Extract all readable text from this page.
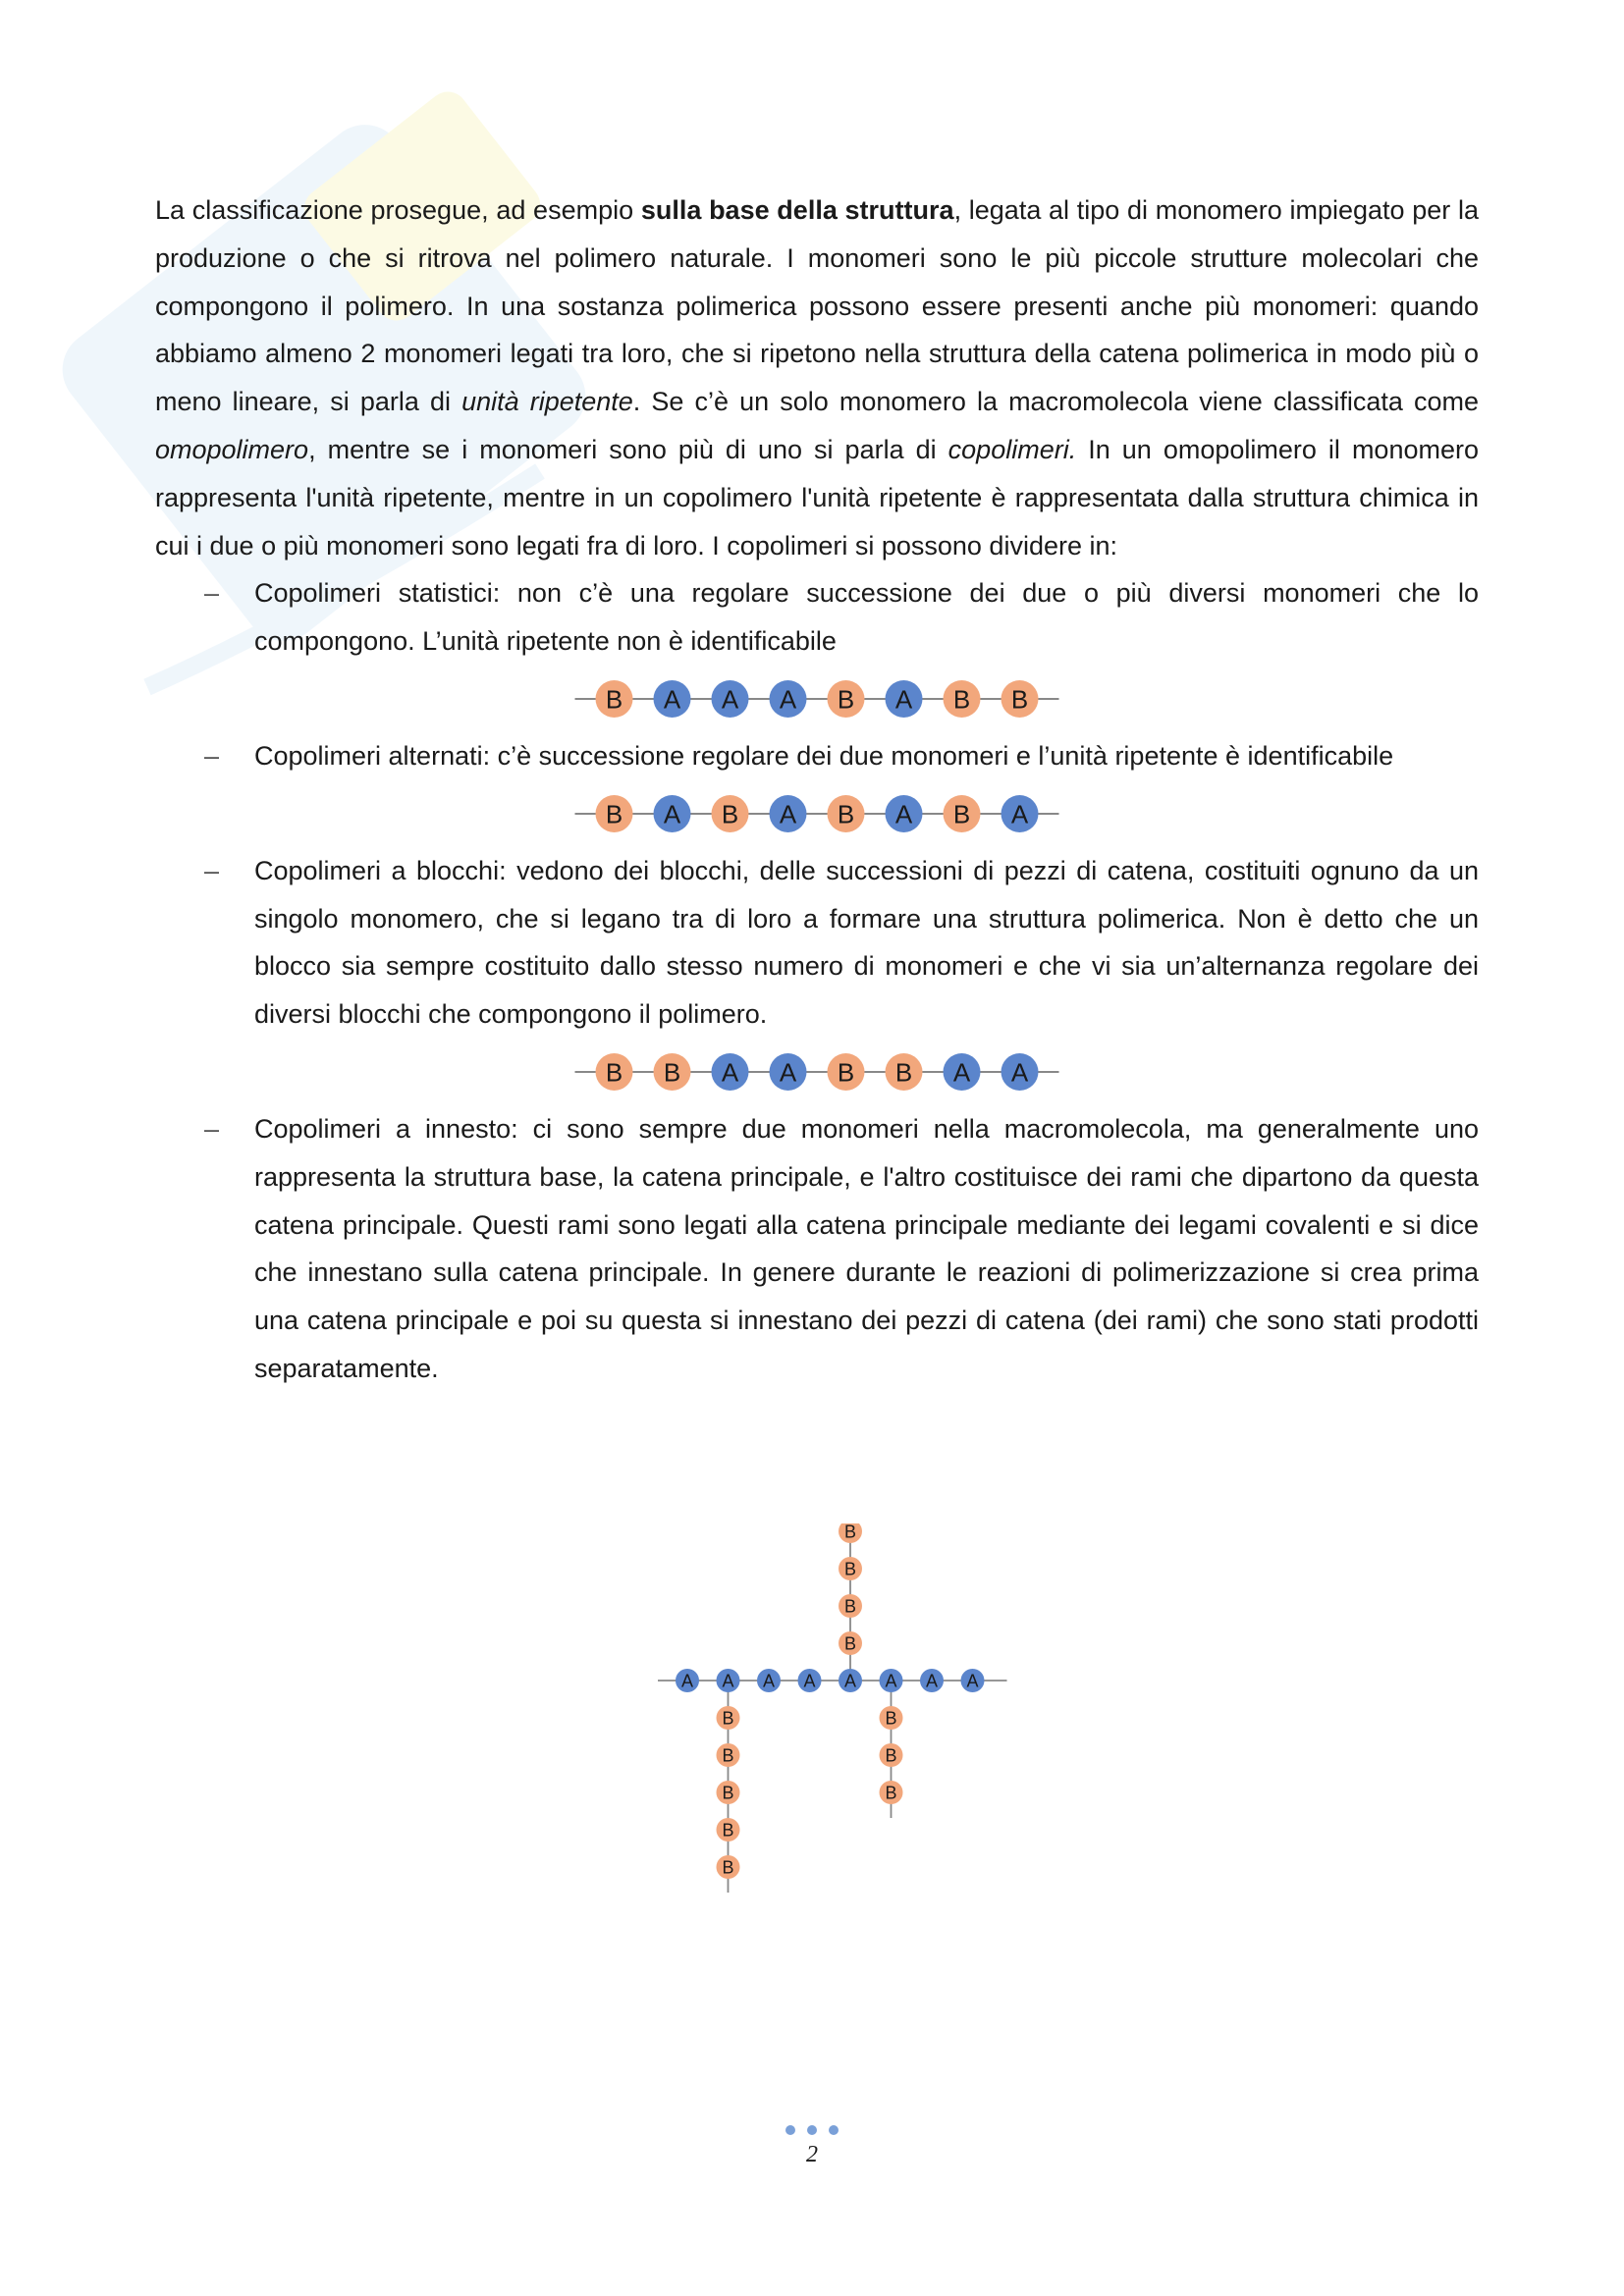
La classificazione prosegue, ad esempio sulla base della struttura, legata al tipo di monomero impiegato per la produzione o che si ritrova nel polimero naturale. I monomeri sono le più piccole strutture molecolari che compongono il polimero. In una sostanza polimerica possono essere presenti anche più monomeri: quando abbiamo almeno 2 monomeri legati tra loro, che si ripetono nella struttura della catena polimerica in modo più o meno lineare, si parla di unità ripetente. Se c’è un solo monomero la macromolecola viene classificata come omopolimero, mentre se i monomeri sono più di uno si parla di copolimeri. In un omopolimero il monomero rappresenta l'unità ripetente, mentre in un copolimero l'unità ripetente è rappresentata dalla struttura chimica in cui i due o più monomeri sono legati fra di loro. I copolimeri si possono dividere in:

–	Copolimeri statistici: non c’è una regolare successione dei due o più diversi monomeri che lo compongono. L’unità ripetente non è identificabile
B A A A B A B B
–	Copolimeri alternati: c’è successione regolare dei due monomeri e l’unità ripetente è identificabile
B A B A B A B A
–	Copolimeri a blocchi: vedono dei blocchi, delle successioni di pezzi di catena, costituiti ognuno da un singolo monomero, che si legano tra di loro a formare una struttura polimerica. Non è detto che un blocco sia sempre costituito dallo stesso numero di monomeri e che vi sia un’alternanza regolare dei diversi blocchi che compongono il polimero.
B B A A B B A A
–	Copolimeri a innesto: ci sono sempre due monomeri nella macromolecola, ma generalmente uno rappresenta la struttura base, la catena principale, e l'altro costituisce dei rami che dipartono da questa catena principale. Questi rami sono legati alla catena principale mediante dei legami covalenti e si dice che innestano sulla catena principale. In genere durante le reazioni di polimerizzazione si crea prima una catena principale e poi su questa si innestano dei pezzi di catena (dei rami) che sono stati prodotti separatamente.
B
B
B
B
B
B
B
B
B
B
B
B
A A A A A A A A
2
